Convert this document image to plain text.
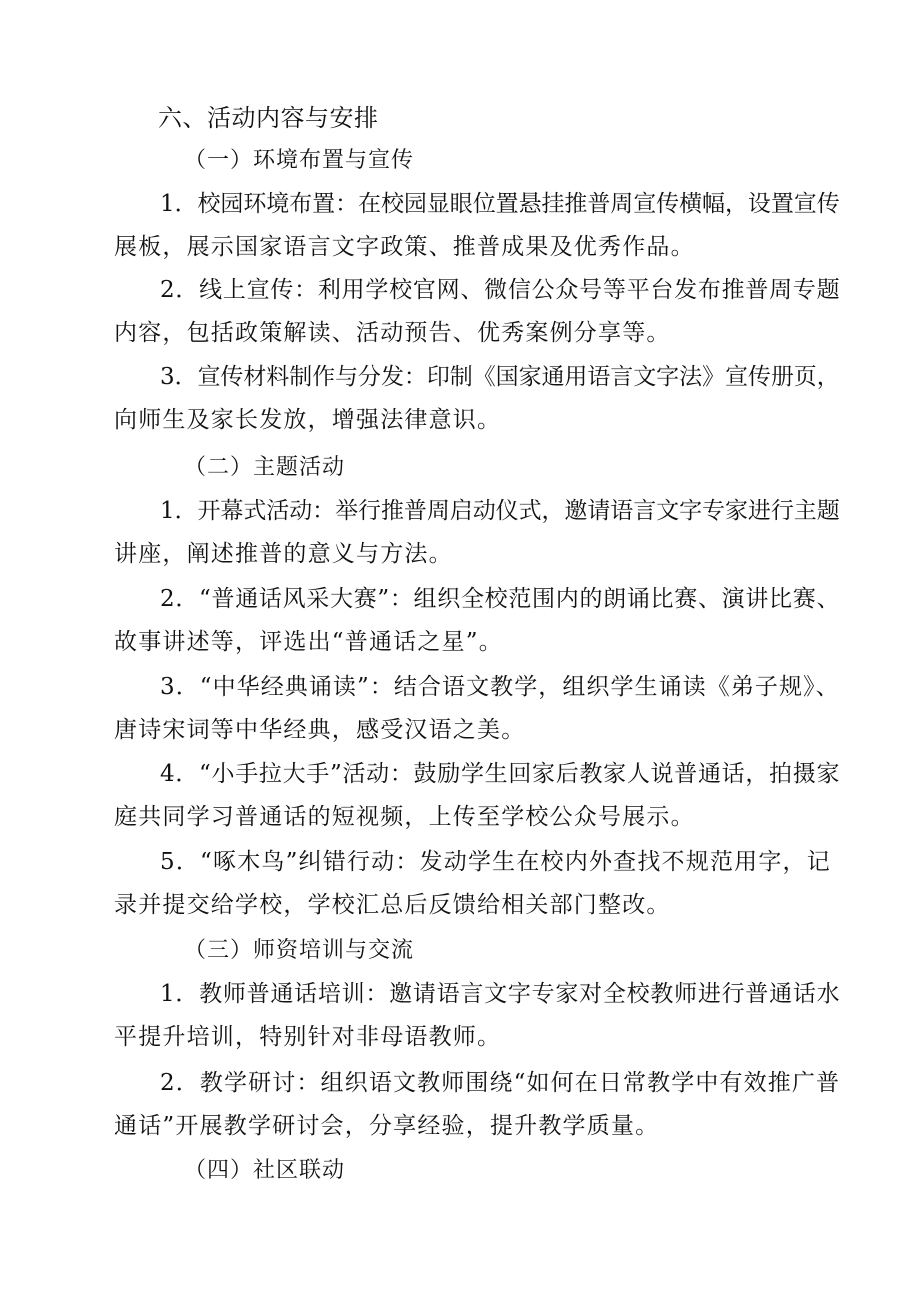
六、活动内容与安排
（一）环境布置与宣传
1．校园环境布置：在校园显眼位置悬挂推普周宣传横幅，设置宣传
展板，展示国家语言文字政策、推普成果及优秀作品。
2．线上宣传：利用学校官网、微信公众号等平台发布推普周专题
内容，包括政策解读、活动预告、优秀案例分享等。
3．宣传材料制作与分发：印制《国家通用语言文字法》宣传册页，
向师生及家长发放，增强法律意识。
（二）主题活动
1．开幕式活动：举行推普周启动仪式，邀请语言文字专家进行主题
讲座，阐述推普的意义与方法。
2．“普通话风采大赛”：组织全校范围内的朗诵比赛、演讲比赛、
故事讲述等，评选出“普通话之星”。
3．“中华经典诵读”：结合语文教学，组织学生诵读《弟子规》、
唐诗宋词等中华经典，感受汉语之美。
4．“小手拉大手”活动：鼓励学生回家后教家人说普通话，拍摄家
庭共同学习普通话的短视频，上传至学校公众号展示。
5．“啄木鸟”纠错行动：发动学生在校内外查找不规范用字，记
录并提交给学校，学校汇总后反馈给相关部门整改。
（三）师资培训与交流
1．教师普通话培训：邀请语言文字专家对全校教师进行普通话水
平提升培训，特别针对非母语教师。
2．教学研讨：组织语文教师围绕“如何在日常教学中有效推广普
通话”开展教学研讨会，分享经验，提升教学质量。
（四）社区联动
